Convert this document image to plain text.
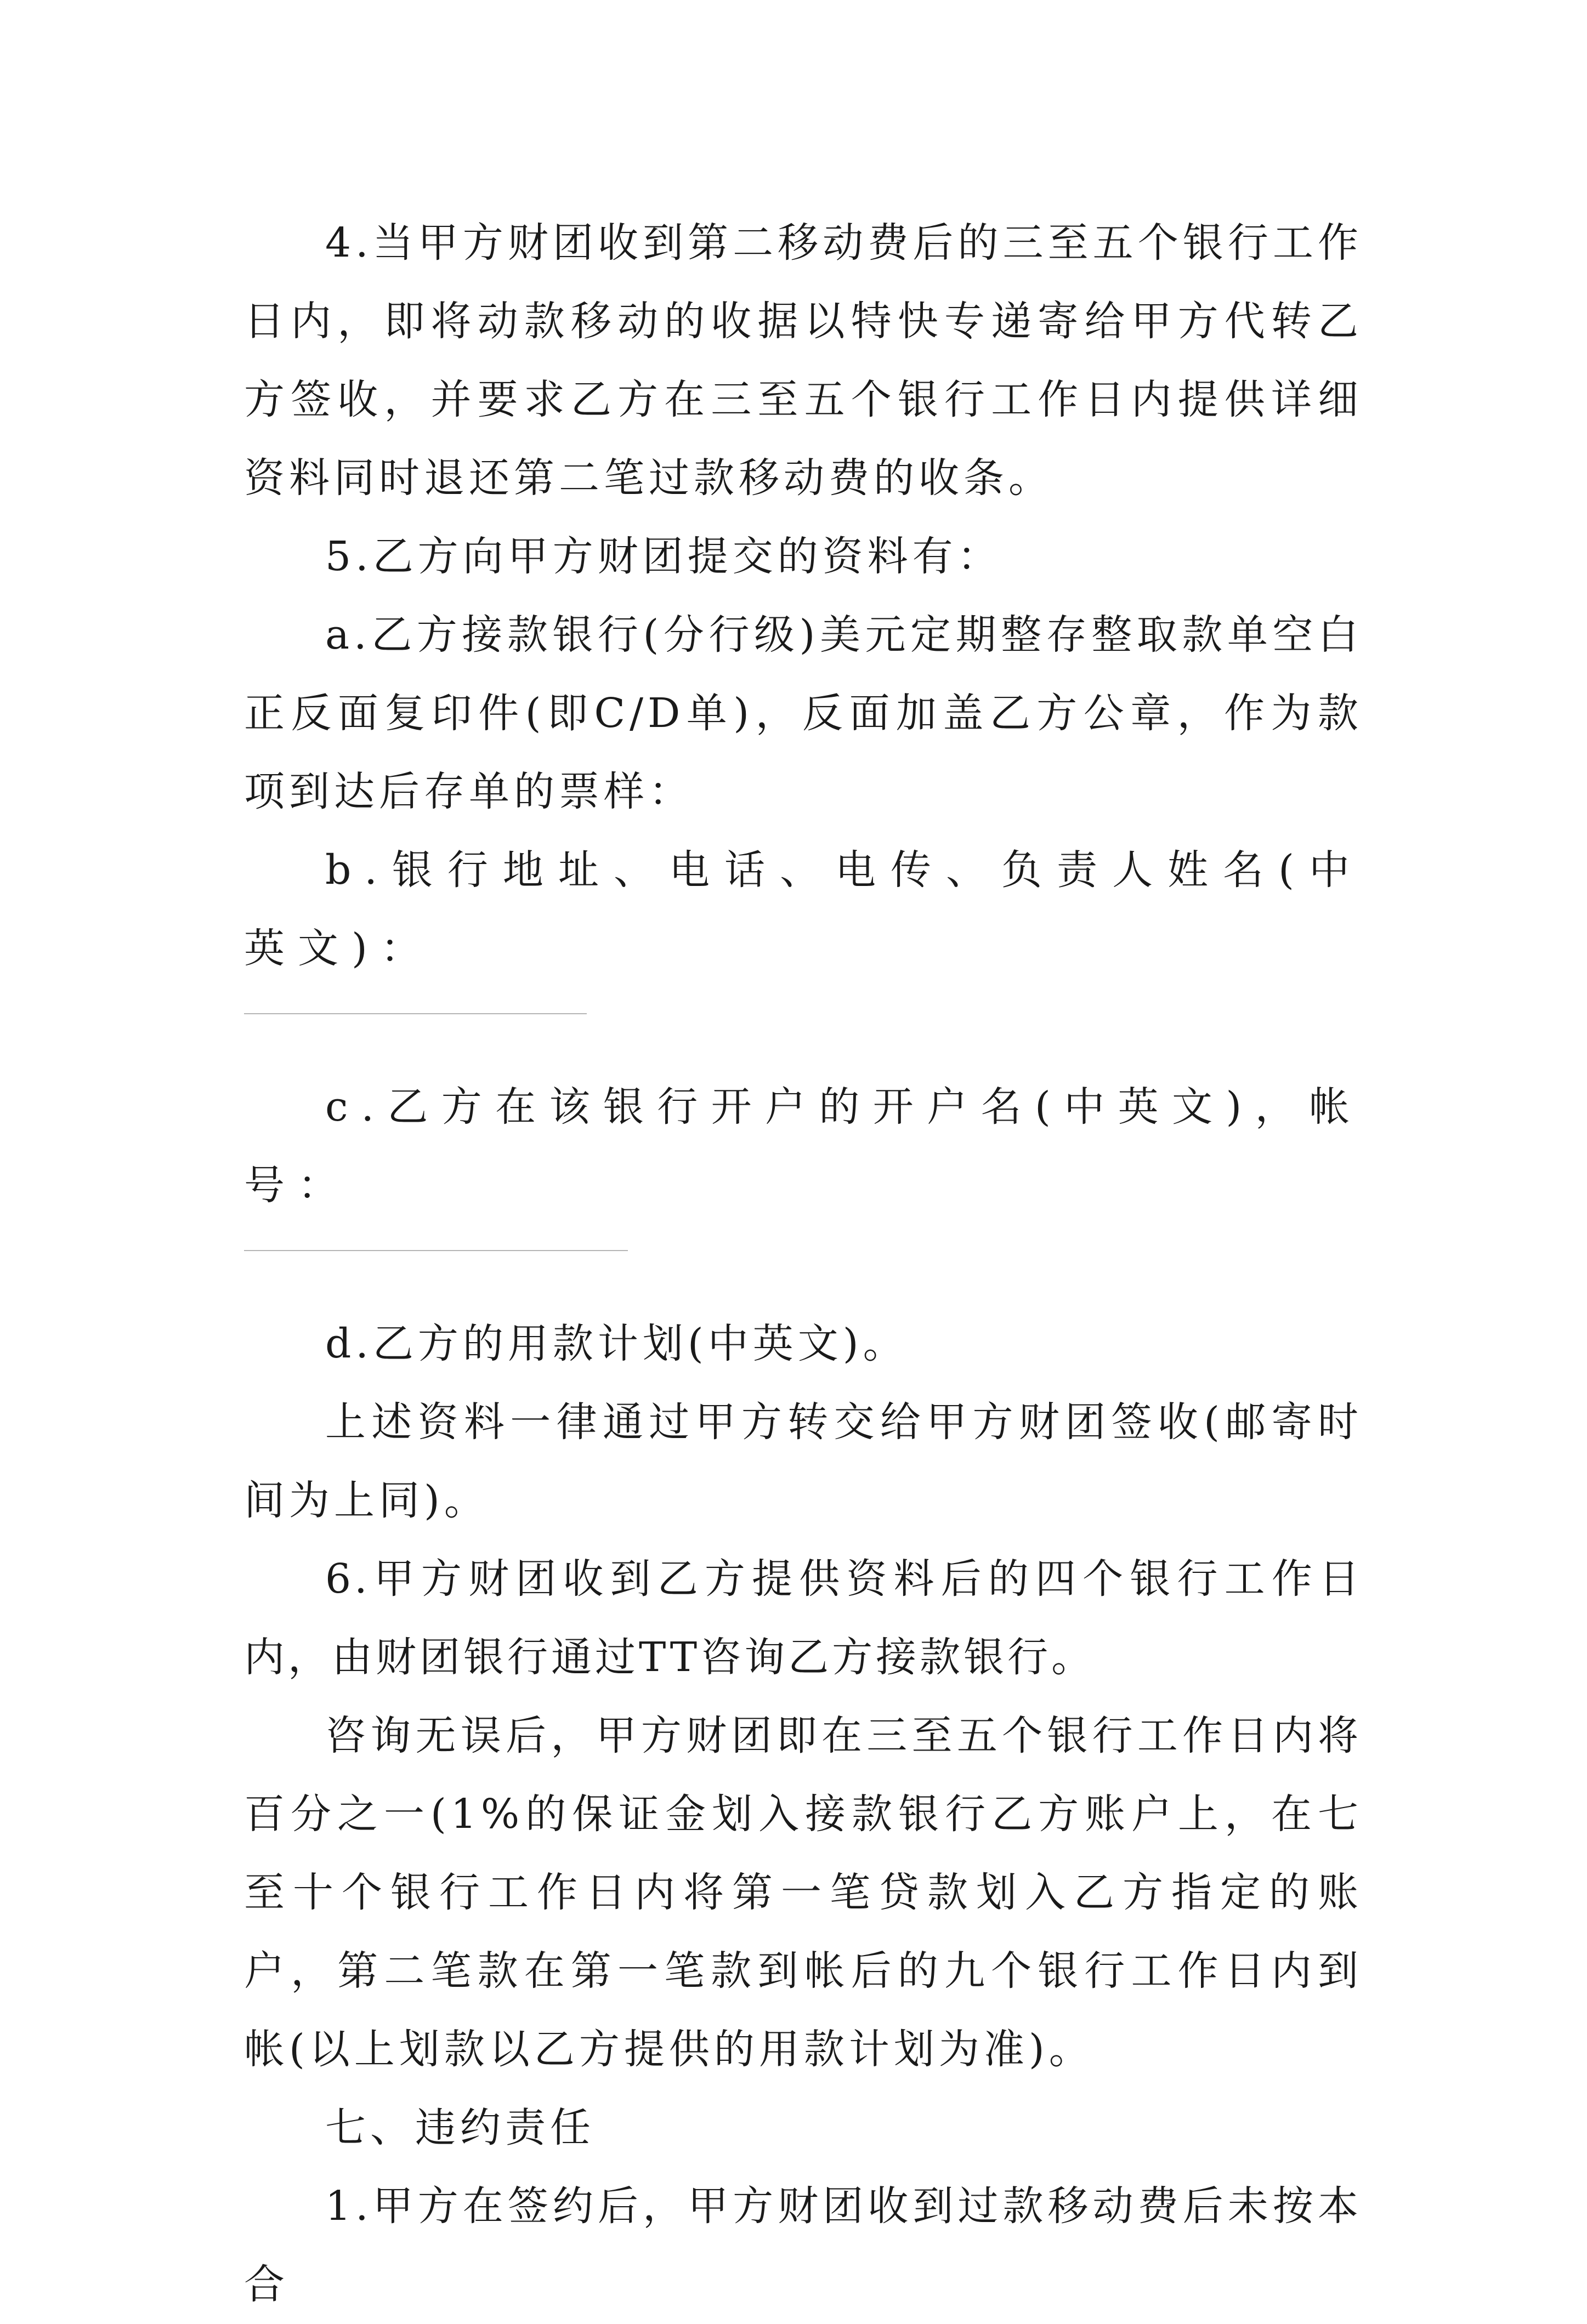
4.当甲方财团收到第二移动费后的三至五个银行工作日内，即将动款移动的收据以特快专递寄给甲方代转乙方签收，并要求乙方在三至五个银行工作日内提供详细资料同时退还第二笔过款移动费的收条。

5.乙方向甲方财团提交的资料有：

a.乙方接款银行(分行级)美元定期整存整取款单空白正反面复印件(即C/D单)，反面加盖乙方公章，作为款项到达后存单的票样：

b.银行地址、电话、电传、负责人姓名(中英文)：

c.乙方在该银行开户的开户名(中英文)，帐号：

d.乙方的用款计划(中英文)。

上述资料一律通过甲方转交给甲方财团签收(邮寄时间为上同)。

6.甲方财团收到乙方提供资料后的四个银行工作日内，由财团银行通过TT咨询乙方接款银行。

咨询无误后，甲方财团即在三至五个银行工作日内将百分之一(1%的保证金划入接款银行乙方账户上，在七至十个银行工作日内将第一笔贷款划入乙方指定的账户，第二笔款在第一笔款到帐后的九个银行工作日内到帐(以上划款以乙方提供的用款计划为准)。

七、违约责任

1.甲方在签约后，甲方财团收到过款移动费后未按本合
